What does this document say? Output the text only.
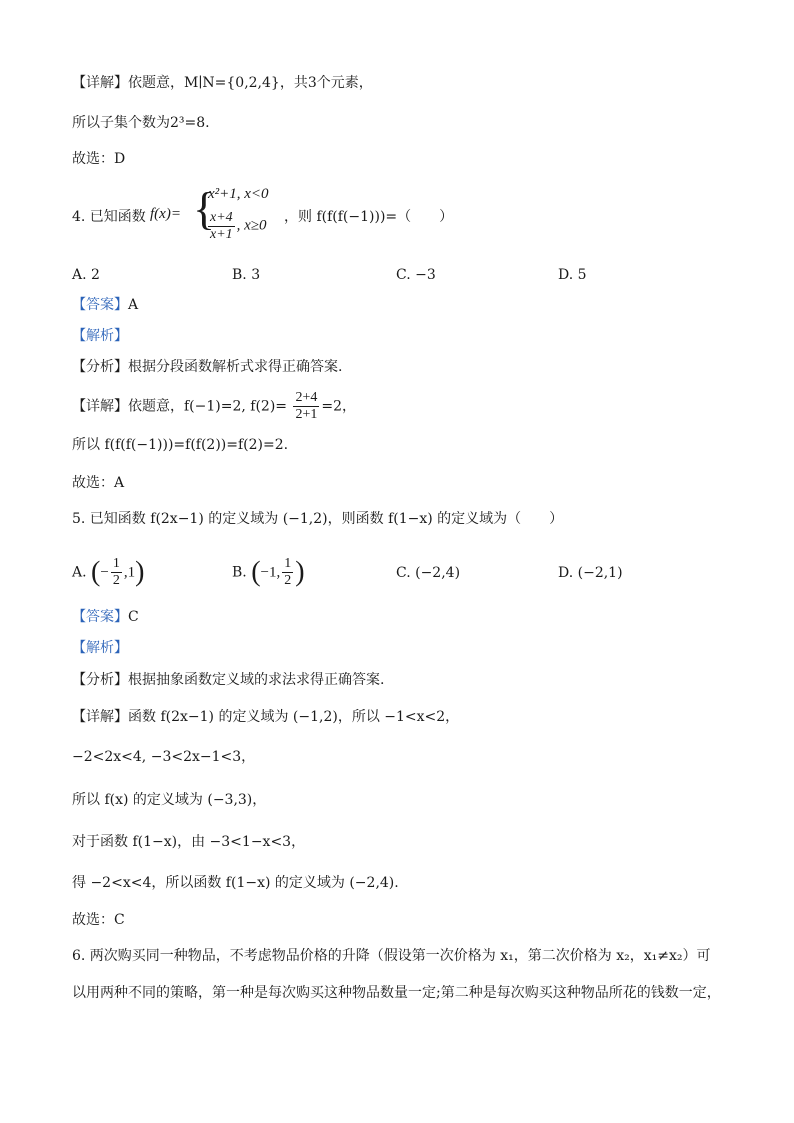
【详解】依题意，M∣N={0,2,4}，共3个元素，
所以子集个数为2³=8.
故选：D
4. 已知函数 f(x)= {
x²+1, x<0
$\frac{x+4}{x+1}$ , x≥0
，则 f(f(f(−1)))=（　　）
A. 2	B. 3	C. −3	D. 5
【答案】A
【解析】
【分析】根据分段函数解析式求得正确答案.
【详解】依题意，f(−1)=2, $f(2)= \frac{2+4}{2+1} =2$，
所以 f(f(f(−1)))=f(f(2))=f(2)=2.
故选：A
5. 已知函数 f(2x−1) 的定义域为 (−1,2)，则函数 f(1−x) 的定义域为（　　）
A. (− $\frac{1}{2} ,1$)	B. (−1, $\frac{1}{2}$ )	C. (−2,4)	D. (−2,1)
【答案】C
【解析】
【分析】根据抽象函数定义域的求法求得正确答案.
【详解】函数 f(2x−1) 的定义域为 (−1,2)，所以 −1<x<2，
−2<2x<4, −3<2x−1<3，
所以 f(x) 的定义域为 (−3,3)，
对于函数 f(1−x)，由 −3<1−x<3，
得 −2<x<4，所以函数 f(1−x) 的定义域为 (−2,4).
故选：C
6. 两次购买同一种物品，不考虑物品价格的升降（假设第一次价格为 x₁，第二次价格为 x₂，x₁≠x₂）可
以用两种不同的策略，第一种是每次购买这种物品数量一定;第二种是每次购买这种物品所花的钱数一定，
